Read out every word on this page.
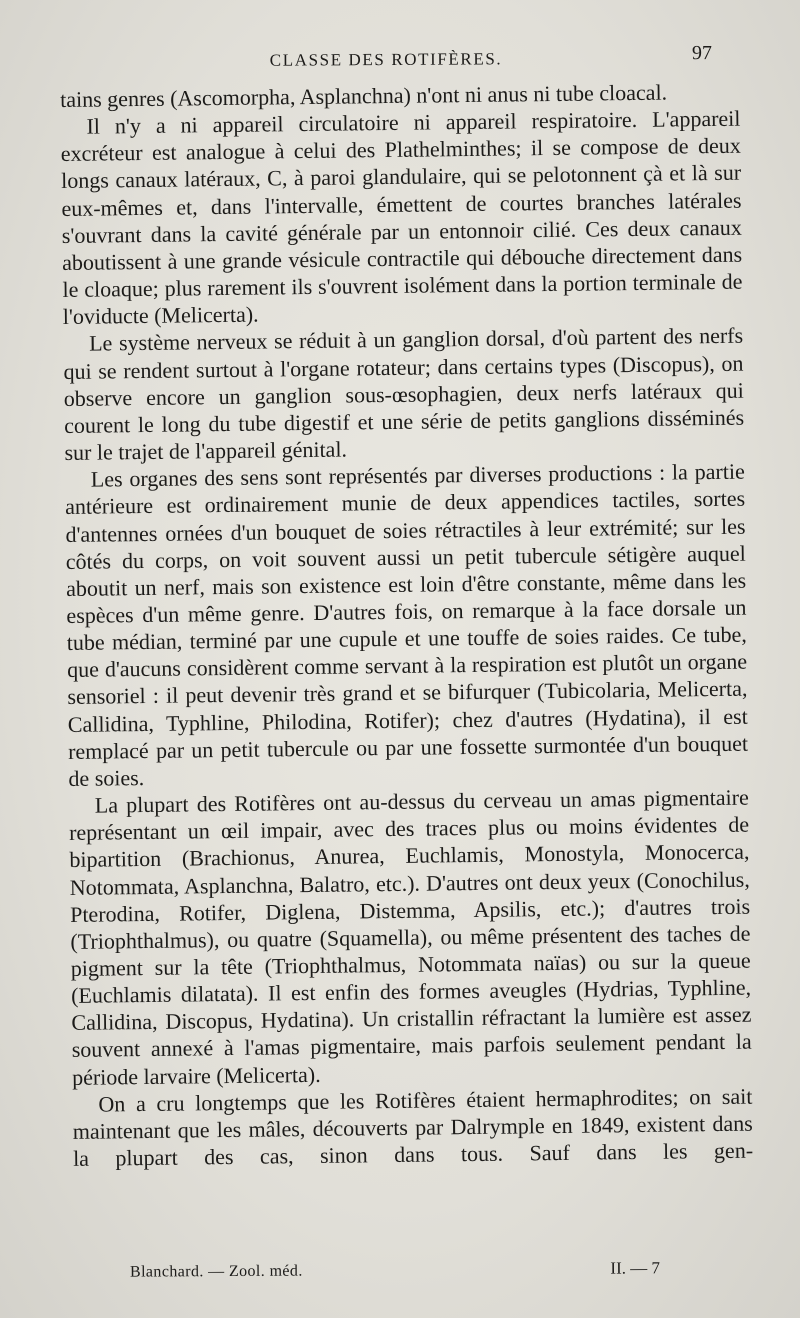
CLASSE DES ROTIFÈRES.	97

tains genres (Ascomorpha, Asplanchna) n'ont ni anus ni tube cloacal.

Il n'y a ni appareil circulatoire ni appareil respiratoire. L'appareil excréteur est analogue à celui des Plathelminthes; il se compose de deux longs canaux latéraux, C, à paroi glandulaire, qui se pelotonnent çà et là sur eux-mêmes et, dans l'intervalle, émettent de courtes branches latérales s'ouvrant dans la cavité générale par un entonnoir cilié. Ces deux canaux aboutissent à une grande vésicule contractile qui débouche directement dans le cloaque; plus rarement ils s'ouvrent isolément dans la portion terminale de l'oviducte (Melicerta).

Le système nerveux se réduit à un ganglion dorsal, d'où partent des nerfs qui se rendent surtout à l'organe rotateur; dans certains types (Discopus), on observe encore un ganglion sous-œsophagien, deux nerfs latéraux qui courent le long du tube digestif et une série de petits ganglions disséminés sur le trajet de l'appareil génital.

Les organes des sens sont représentés par diverses productions : la partie antérieure est ordinairement munie de deux appendices tactiles, sortes d'antennes ornées d'un bouquet de soies rétractiles à leur extrémité; sur les côtés du corps, on voit souvent aussi un petit tubercule sétigère auquel aboutit un nerf, mais son existence est loin d'être constante, même dans les espèces d'un même genre. D'autres fois, on remarque à la face dorsale un tube médian, terminé par une cupule et une touffe de soies raides. Ce tube, que d'aucuns considèrent comme servant à la respiration est plutôt un organe sensoriel : il peut devenir très grand et se bifurquer (Tubicolaria, Melicerta, Callidina, Typhline, Philodina, Rotifer); chez d'autres (Hydatina), il est remplacé par un petit tubercule ou par une fossette surmontée d'un bouquet de soies.

La plupart des Rotifères ont au-dessus du cerveau un amas pigmentaire représentant un œil impair, avec des traces plus ou moins évidentes de bipartition (Brachionus, Anurea, Euchlamis, Monostyla, Monocerca, Notommata, Asplanchna, Balatro, etc.). D'autres ont deux yeux (Conochilus, Pterodina, Rotifer, Diglena, Distemma, Apsilis, etc.); d'autres trois (Triophthalmus), ou quatre (Squamella), ou même présentent des taches de pigment sur la tête (Triophthalmus, Notommata naïas) ou sur la queue (Euchlamis dilatata). Il est enfin des formes aveugles (Hydrias, Typhline, Callidina, Discopus, Hydatina). Un cristallin réfractant la lumière est assez souvent annexé à l'amas pigmentaire, mais parfois seulement pendant la période larvaire (Melicerta).

On a cru longtemps que les Rotifères étaient hermaphrodites; on sait maintenant que les mâles, découverts par Dalrymple en 1849, existent dans la plupart des cas, sinon dans tous. Sauf dans les gen-

Blanchard. — Zool. méd.	II. — 7
